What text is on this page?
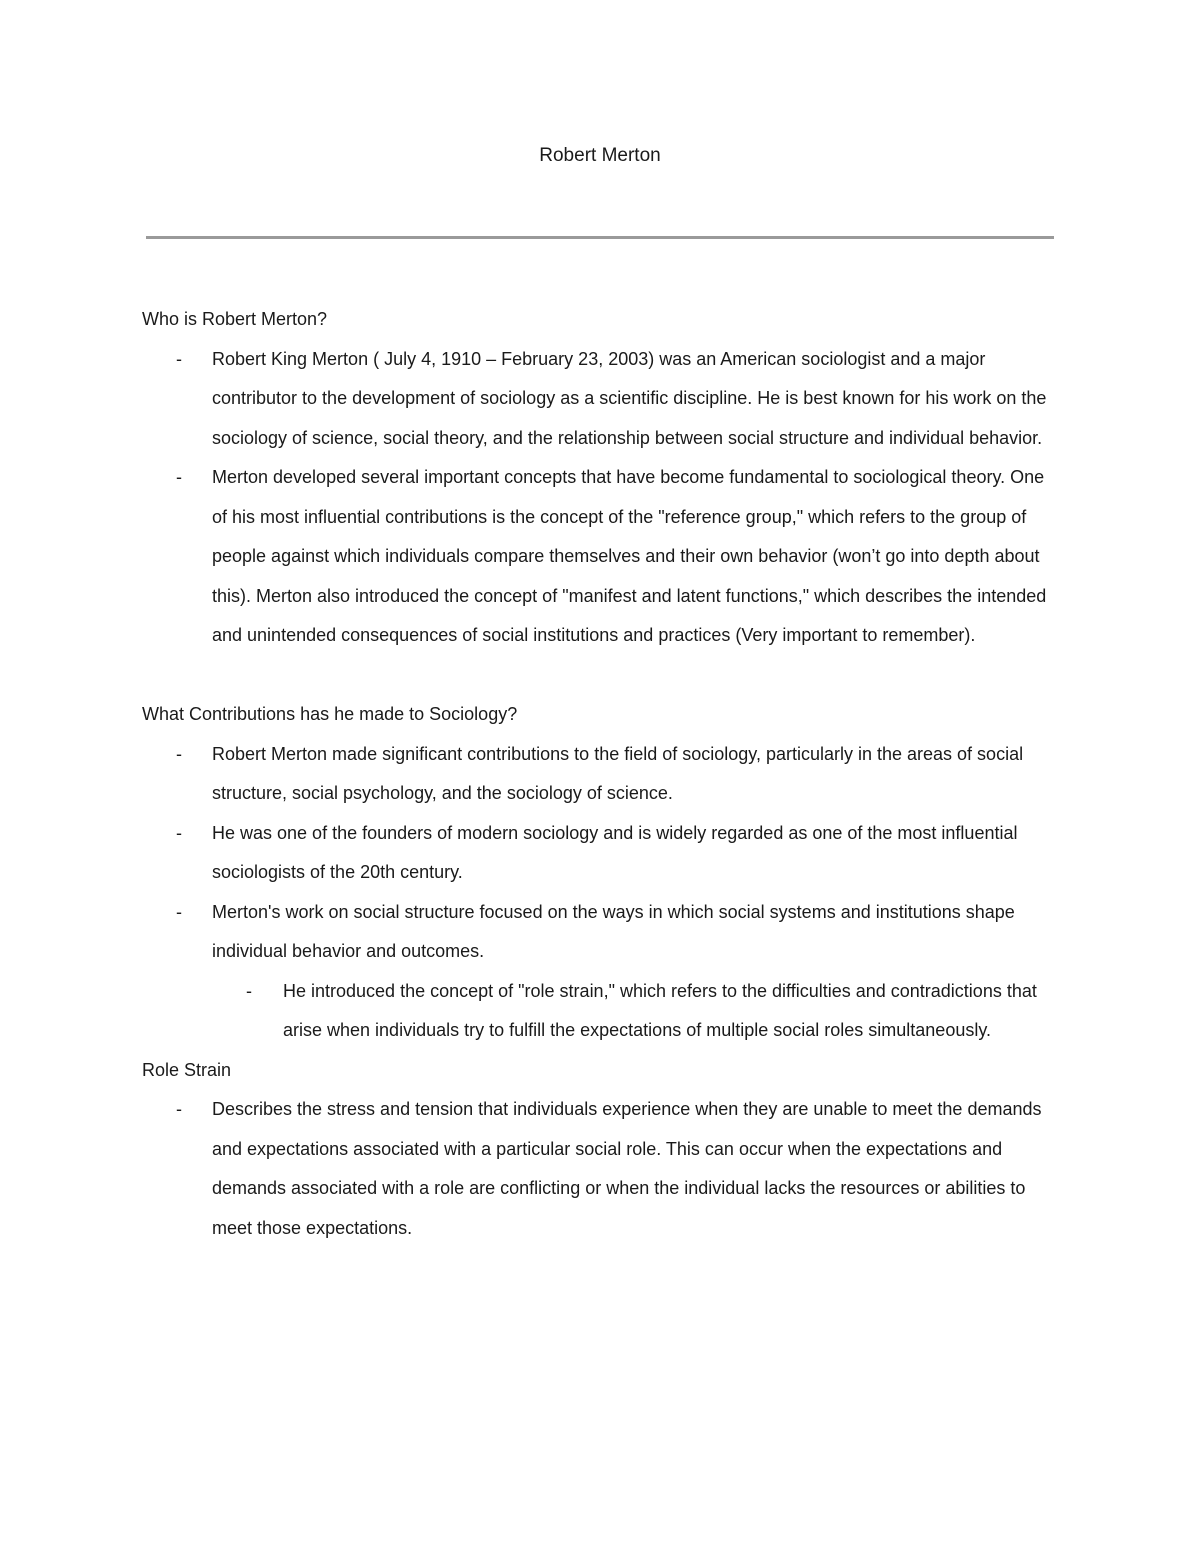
Robert Merton

Who is Robert Merton?

- Robert King Merton ( July 4, 1910 – February 23, 2003) was an American sociologist and a major contributor to the development of sociology as a scientific discipline. He is best known for his work on the sociology of science, social theory, and the relationship between social structure and individual behavior.
- Merton developed several important concepts that have become fundamental to sociological theory. One of his most influential contributions is the concept of the "reference group," which refers to the group of people against which individuals compare themselves and their own behavior (won’t go into depth about this). Merton also introduced the concept of "manifest and latent functions," which describes the intended and unintended consequences of social institutions and practices (Very important to remember).

What Contributions has he made to Sociology?

- Robert Merton made significant contributions to the field of sociology, particularly in the areas of social structure, social psychology, and the sociology of science.
- He was one of the founders of modern sociology and is widely regarded as one of the most influential sociologists of the 20th century.
- Merton's work on social structure focused on the ways in which social systems and institutions shape individual behavior and outcomes.
- He introduced the concept of "role strain," which refers to the difficulties and contradictions that arise when individuals try to fulfill the expectations of multiple social roles simultaneously.

Role Strain

- Describes the stress and tension that individuals experience when they are unable to meet the demands and expectations associated with a particular social role. This can occur when the expectations and demands associated with a role are conflicting or when the individual lacks the resources or abilities to meet those expectations.
